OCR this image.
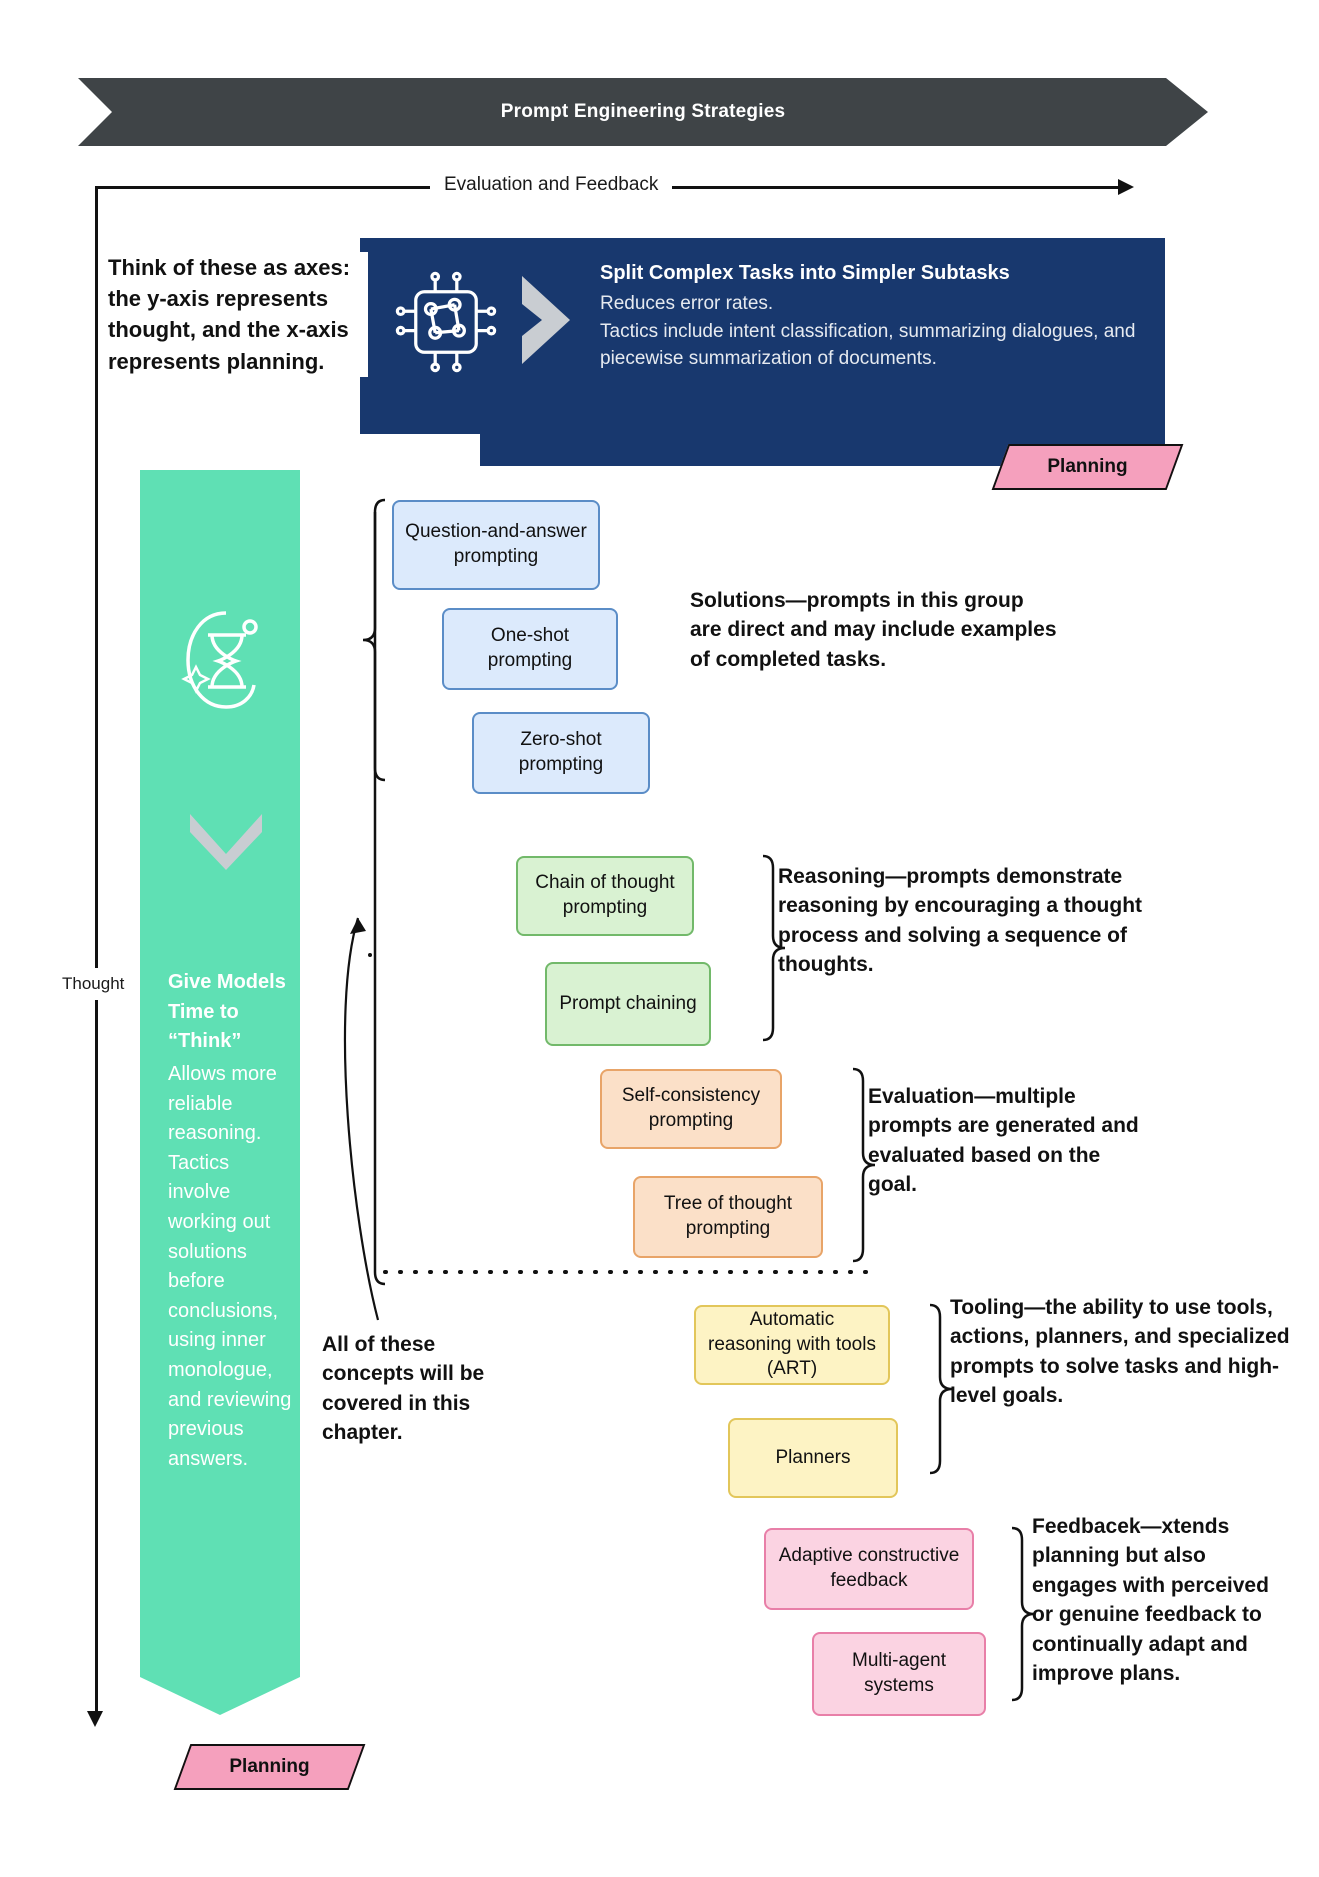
Prompt Engineering Strategies
Evaluation and Feedback
Thought
Think of these as axes: the y-axis represents thought, and the x-axis represents planning.
Split Complex Tasks into Simpler Subtasks
Reduces error rates.
Tactics include intent classification, summarizing dialogues, and piecewise summarization of documents.
Planning
Give Models Time to “Think”
Allows more reliable reasoning. Tactics involve working out solutions before conclusions, using inner monologue, and reviewing previous answers.
Planning
Question-and-answer prompting
One-shot prompting
Zero-shot prompting
Solutions—prompts in this group are direct and may include examples of completed tasks.
Chain of thought prompting
Prompt chaining
Reasoning—prompts demonstrate reasoning by encouraging a thought process and solving a sequence of thoughts.
Self-consistency prompting
Tree of thought prompting
Evaluation—multiple prompts are generated and evaluated based on the goal.
Automatic reasoning with tools (ART)
Planners
Tooling—the ability to use tools, actions, planners, and specialized prompts to solve tasks and high-level goals.
Adaptive constructive feedback
Multi-agent systems
Feedbacek—xtends planning but also engages with perceived or genuine feedback to continually adapt and improve plans.
All of these concepts will be covered in this chapter.
